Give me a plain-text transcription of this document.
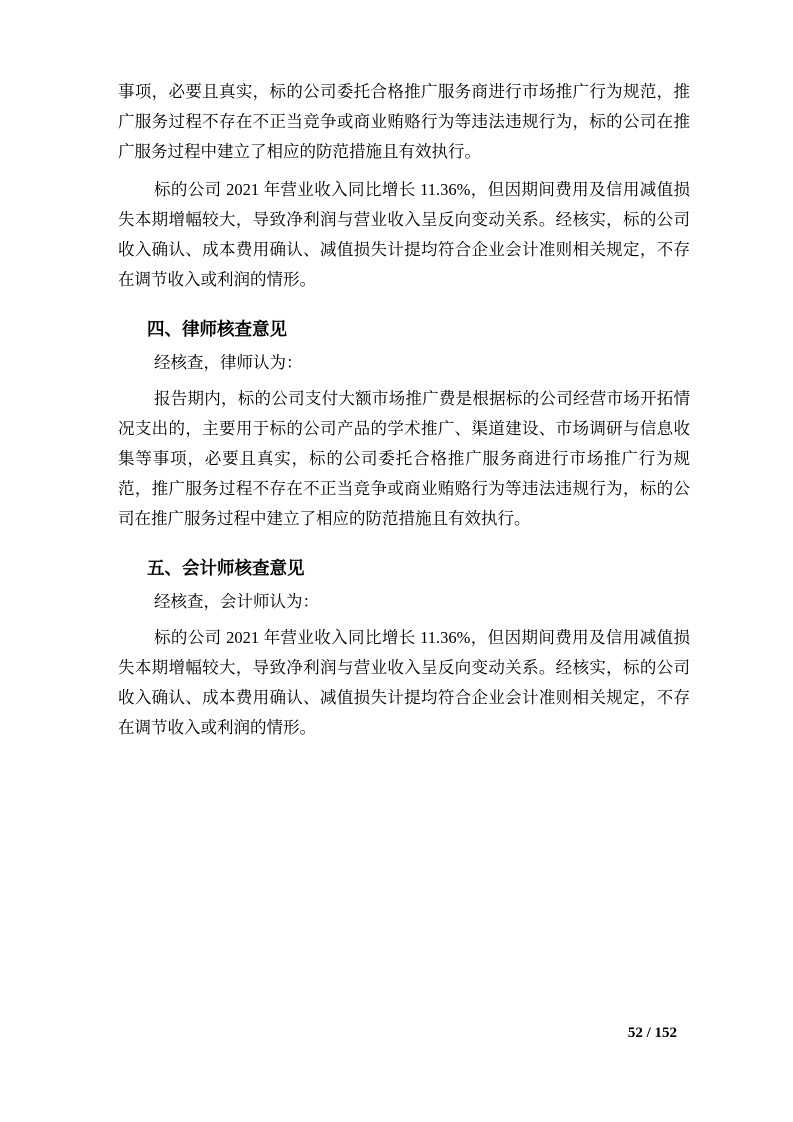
事项，必要且真实，标的公司委托合格推广服务商进行市场推广行为规范，推广服务过程不存在不正当竞争或商业贿赂行为等违法违规行为，标的公司在推广服务过程中建立了相应的防范措施且有效执行。

标的公司 2021 年营业收入同比增长 11.36%，但因期间费用及信用减值损失本期增幅较大，导致净利润与营业收入呈反向变动关系。经核实，标的公司收入确认、成本费用确认、减值损失计提均符合企业会计准则相关规定，不存在调节收入或利润的情形。

四、律师核查意见

经核查，律师认为：

报告期内，标的公司支付大额市场推广费是根据标的公司经营市场开拓情况支出的，主要用于标的公司产品的学术推广、渠道建设、市场调研与信息收集等事项，必要且真实，标的公司委托合格推广服务商进行市场推广行为规范，推广服务过程不存在不正当竞争或商业贿赂行为等违法违规行为，标的公司在推广服务过程中建立了相应的防范措施且有效执行。

五、会计师核查意见

经核查，会计师认为：

标的公司 2021 年营业收入同比增长 11.36%，但因期间费用及信用减值损失本期增幅较大，导致净利润与营业收入呈反向变动关系。经核实，标的公司收入确认、成本费用确认、减值损失计提均符合企业会计准则相关规定，不存在调节收入或利润的情形。

52 / 152
